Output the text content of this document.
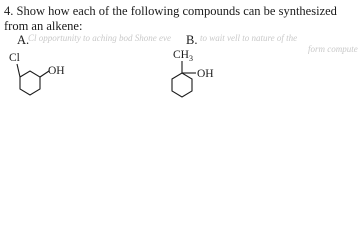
4. Show how each of the following compounds can be synthesized from an alkene:
Cl opportunity to aching bod Shone eve	to wait vell to nature of the
form compute
A.
Cl
OH
B.
$CH_3$
OH
